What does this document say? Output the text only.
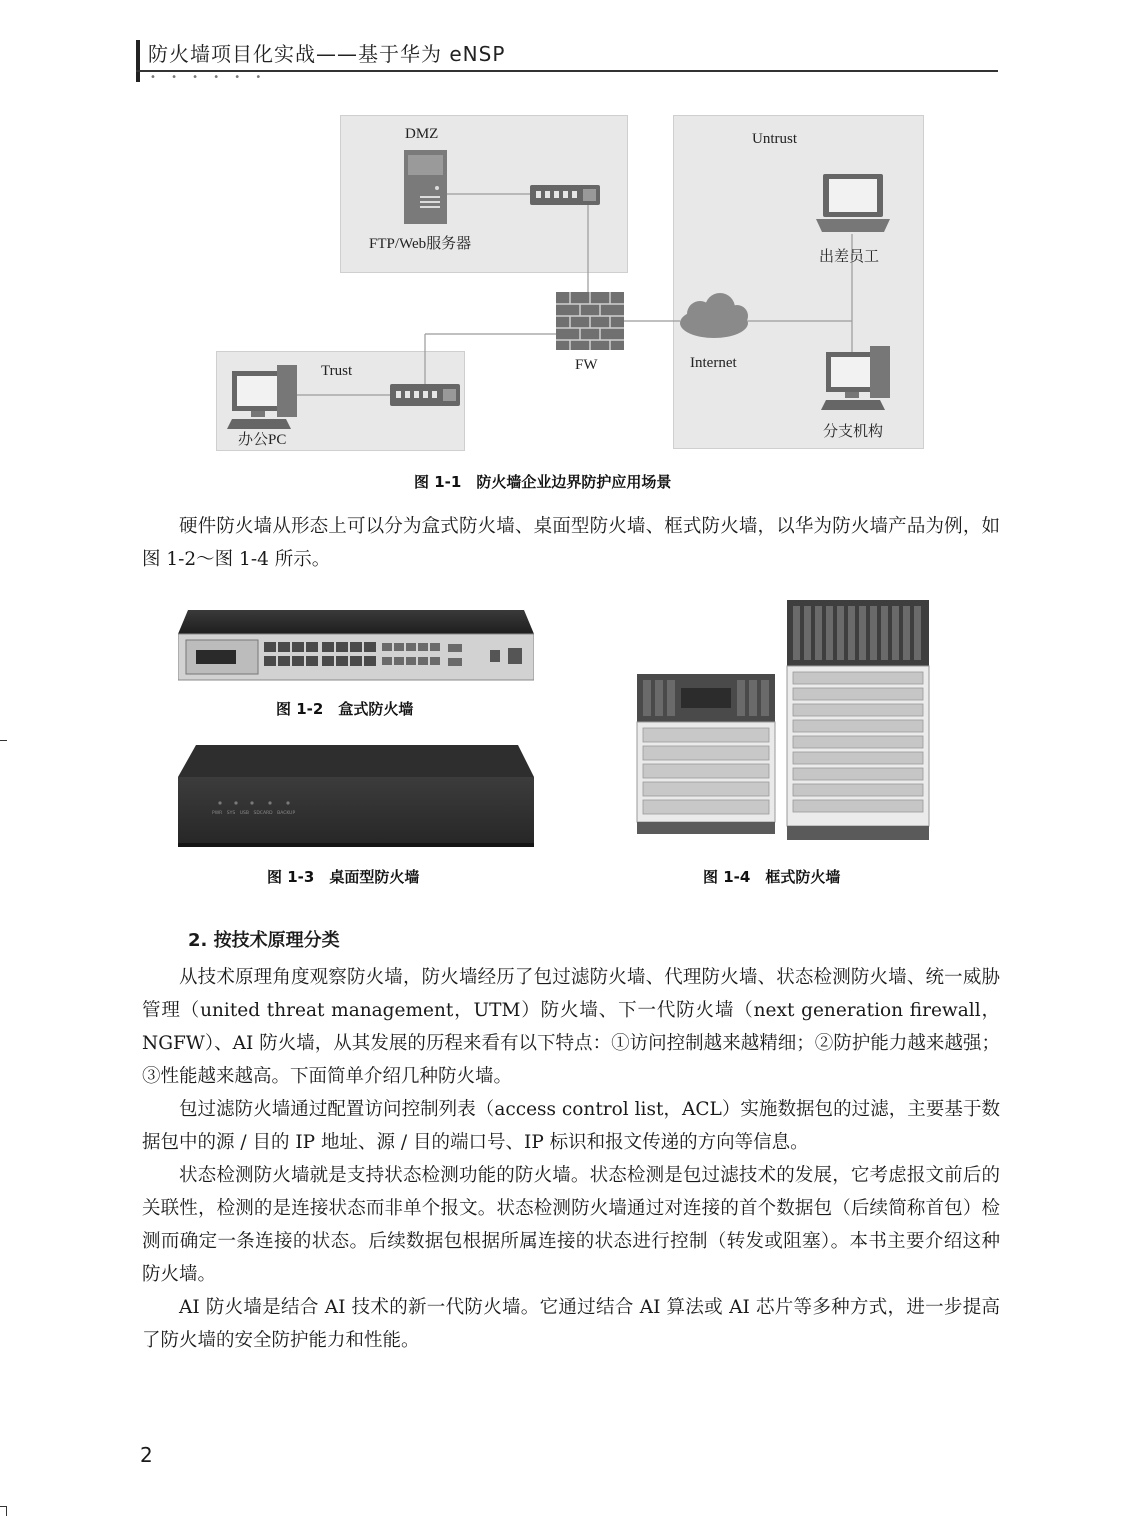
防火墙项目化实战——基于华为 eNSP
• • • • • •
DMZ	Untrust
Trust
FTP/Web服务器
出差员工
FW	Internet
办公PC	分支机构
图 1-1　防火墙企业边界防护应用场景
硬件防火墙从形态上可以分为盒式防火墙、桌面型防火墙、框式防火墙，以华为防火墙产品为例，如图 1-2～图 1-4 所示。
图 1-2　盒式防火墙
PWR　SYS　USB　SDCARD　BACKUP
图 1-3　桌面型防火墙	图 1-4　框式防火墙
2. 按技术原理分类
从技术原理角度观察防火墙，防火墙经历了包过滤防火墙、代理防火墙、状态检测防火墙、统一威胁管理（united threat management，UTM）防火墙、下一代防火墙（next generation firewall，NGFW）、AI 防火墙，从其发展的历程来看有以下特点：①访问控制越来越精细；②防护能力越来越强；③性能越来越高。下面简单介绍几种防火墙。
包过滤防火墙通过配置访问控制列表（access control list，ACL）实施数据包的过滤，主要基于数据包中的源 / 目的 IP 地址、源 / 目的端口号、IP 标识和报文传递的方向等信息。
状态检测防火墙就是支持状态检测功能的防火墙。状态检测是包过滤技术的发展，它考虑报文前后的关联性，检测的是连接状态而非单个报文。状态检测防火墙通过对连接的首个数据包（后续简称首包）检测而确定一条连接的状态。后续数据包根据所属连接的状态进行控制（转发或阻塞）。本书主要介绍这种防火墙。
AI 防火墙是结合 AI 技术的新一代防火墙。它通过结合 AI 算法或 AI 芯片等多种方式，进一步提高了防火墙的安全防护能力和性能。
2
